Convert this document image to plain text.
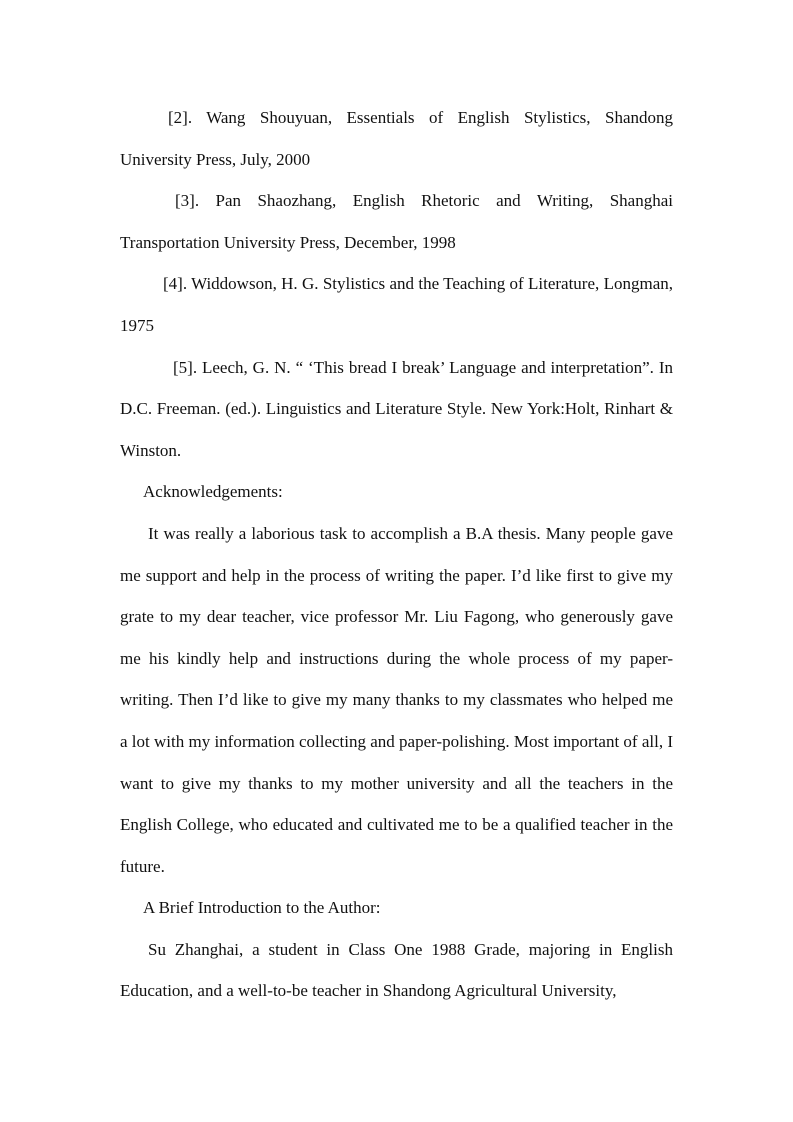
[2]. Wang Shouyuan, Essentials of English Stylistics, Shandong University Press, July, 2000

[3]. Pan Shaozhang, English Rhetoric and Writing, Shanghai Transportation University Press, December, 1998

[4]. Widdowson, H. G. Stylistics and the Teaching of Literature, Longman, 1975

[5]. Leech, G. N. “ ‘This bread I break’ Language and interpretation”. In D.C. Freeman. (ed.). Linguistics and Literature Style. New York:Holt, Rinhart & Winston.

Acknowledgements:

It was really a laborious task to accomplish a B.A thesis. Many people gave me support and help in the process of writing the paper. I’d like first to give my grate to my dear teacher, vice professor Mr. Liu Fagong, who generously gave me his kindly help and instructions during the whole process of my paper-writing. Then I’d like to give my many thanks to my classmates who helped me a lot with my information collecting and paper-polishing. Most important of all, I want to give my thanks to my mother university and all the teachers in the English College, who educated and cultivated me to be a qualified teacher in the future.

A Brief Introduction to the Author:

Su Zhanghai, a student in Class One 1988 Grade, majoring in English Education, and a well-to-be teacher in Shandong Agricultural University,
